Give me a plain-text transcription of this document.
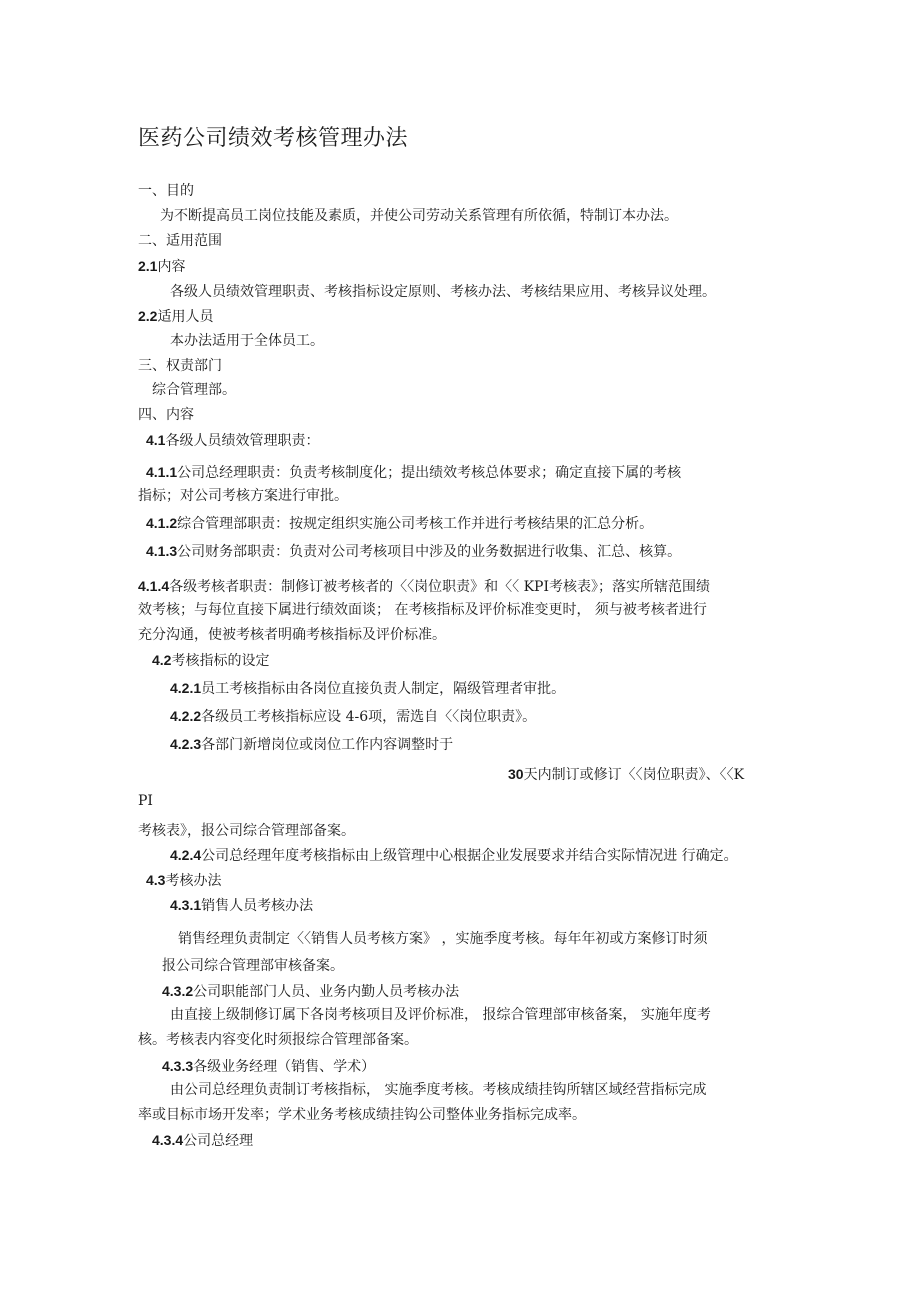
医药公司绩效考核管理办法
一、目的
为不断提高员工岗位技能及素质，并使公司劳动关系管理有所依循，特制订本办法。
二、适用范围
2.1内容
各级人员绩效管理职责、考核指标设定原则、考核办法、考核结果应用、考核异议处理。
2.2适用人员
本办法适用于全体员工。
三、权责部门
综合管理部。
四、内容
4.1各级人员绩效管理职责：
4.1.1公司总经理职责：负责考核制度化；提出绩效考核总体要求；确定直接下属的考核
指标；对公司考核方案进行审批。
4.1.2综合管理部职责：按规定组织实施公司考核工作并进行考核结果的汇总分析。
4.1.3公司财务部职责：负责对公司考核项目中涉及的业务数据进行收集、汇总、核算。
4.1.4各级考核者职责：制修订被考核者的〈〈岗位职责》和〈〈 KPI考核表》；落实所辖范围绩
效考核；与每位直接下属进行绩效面谈； 在考核指标及评价标准变更时， 须与被考核者进行
充分沟通，使被考核者明确考核指标及评价标准。
4.2考核指标的设定
4.2.1员工考核指标由各岗位直接负责人制定，隔级管理者审批。
4.2.2各级员工考核指标应设 4-6项，需选自〈〈岗位职责》。
4.2.3各部门新增岗位或岗位工作内容调整时于
30天内制订或修订〈〈岗位职责》、〈〈K
PI
考核表》，报公司综合管理部备案。
4.2.4公司总经理年度考核指标由上级管理中心根据企业发展要求并结合实际情况进 行确定。
4.3考核办法
4.3.1销售人员考核办法
销售经理负责制定〈〈销售人员考核方案》 ，实施季度考核。每年年初或方案修订时须
报公司综合管理部审核备案。
4.3.2公司职能部门人员、业务内勤人员考核办法
由直接上级制修订属下各岗考核项目及评价标准， 报综合管理部审核备案， 实施年度考
核。考核表内容变化时须报综合管理部备案。
4.3.3各级业务经理（销售、学术）
由公司总经理负责制订考核指标， 实施季度考核。考核成绩挂钩所辖区域经营指标完成
率或目标市场开发率；学术业务考核成绩挂钩公司整体业务指标完成率。
4.3.4公司总经理
